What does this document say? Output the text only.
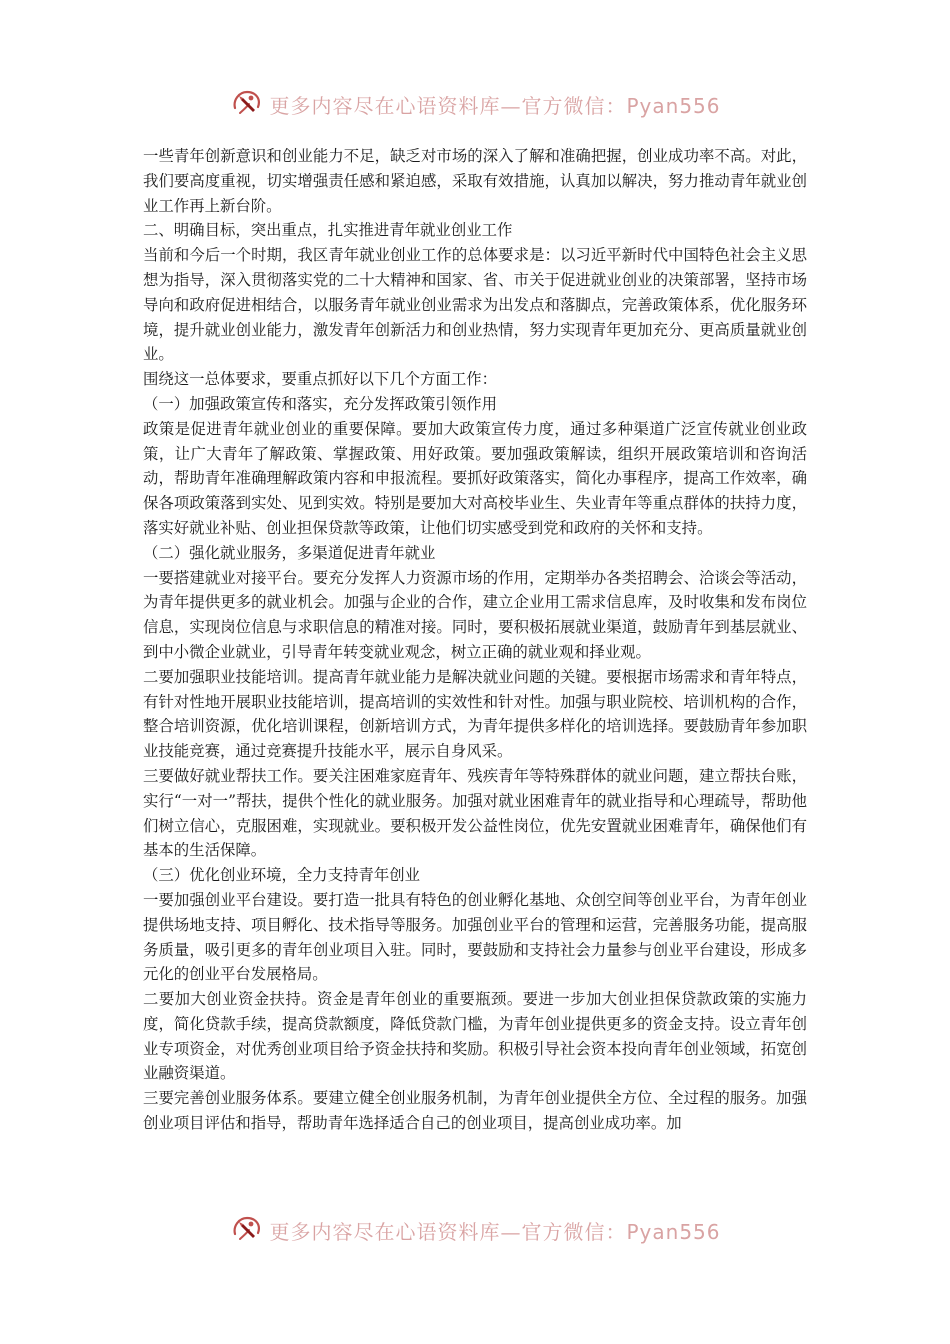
更多内容尽在心语资料库—官方微信：Pyan556

一些青年创新意识和创业能力不足，缺乏对市场的深入了解和准确把握，创业成功率不高。对此，我们要高度重视，切实增强责任感和紧迫感，采取有效措施，认真加以解决，努力推动青年就业创业工作再上新台阶。

二、明确目标，突出重点，扎实推进青年就业创业工作

当前和今后一个时期，我区青年就业创业工作的总体要求是：以习近平新时代中国特色社会主义思想为指导，深入贯彻落实党的二十大精神和国家、省、市关于促进就业创业的决策部署，坚持市场导向和政府促进相结合，以服务青年就业创业需求为出发点和落脚点，完善政策体系，优化服务环境，提升就业创业能力，激发青年创新活力和创业热情，努力实现青年更加充分、更高质量就业创业。

围绕这一总体要求，要重点抓好以下几个方面工作：

（一）加强政策宣传和落实，充分发挥政策引领作用

政策是促进青年就业创业的重要保障。要加大政策宣传力度，通过多种渠道广泛宣传就业创业政策，让广大青年了解政策、掌握政策、用好政策。要加强政策解读，组织开展政策培训和咨询活动，帮助青年准确理解政策内容和申报流程。要抓好政策落实，简化办事程序，提高工作效率，确保各项政策落到实处、见到实效。特别是要加大对高校毕业生、失业青年等重点群体的扶持力度，落实好就业补贴、创业担保贷款等政策，让他们切实感受到党和政府的关怀和支持。

（二）强化就业服务，多渠道促进青年就业

一要搭建就业对接平台。要充分发挥人力资源市场的作用，定期举办各类招聘会、洽谈会等活动，为青年提供更多的就业机会。加强与企业的合作，建立企业用工需求信息库，及时收集和发布岗位信息，实现岗位信息与求职信息的精准对接。同时，要积极拓展就业渠道，鼓励青年到基层就业、到中小微企业就业，引导青年转变就业观念，树立正确的就业观和择业观。

二要加强职业技能培训。提高青年就业能力是解决就业问题的关键。要根据市场需求和青年特点，有针对性地开展职业技能培训，提高培训的实效性和针对性。加强与职业院校、培训机构的合作，整合培训资源，优化培训课程，创新培训方式，为青年提供多样化的培训选择。要鼓励青年参加职业技能竞赛，通过竞赛提升技能水平，展示自身风采。

三要做好就业帮扶工作。要关注困难家庭青年、残疾青年等特殊群体的就业问题，建立帮扶台账，实行“一对一”帮扶，提供个性化的就业服务。加强对就业困难青年的就业指导和心理疏导，帮助他们树立信心，克服困难，实现就业。要积极开发公益性岗位，优先安置就业困难青年，确保他们有基本的生活保障。

（三）优化创业环境，全力支持青年创业

一要加强创业平台建设。要打造一批具有特色的创业孵化基地、众创空间等创业平台，为青年创业提供场地支持、项目孵化、技术指导等服务。加强创业平台的管理和运营，完善服务功能，提高服务质量，吸引更多的青年创业项目入驻。同时，要鼓励和支持社会力量参与创业平台建设，形成多元化的创业平台发展格局。

二要加大创业资金扶持。资金是青年创业的重要瓶颈。要进一步加大创业担保贷款政策的实施力度，简化贷款手续，提高贷款额度，降低贷款门槛，为青年创业提供更多的资金支持。设立青年创业专项资金，对优秀创业项目给予资金扶持和奖励。积极引导社会资本投向青年创业领域，拓宽创业融资渠道。

三要完善创业服务体系。要建立健全创业服务机制，为青年创业提供全方位、全过程的服务。加强创业项目评估和指导，帮助青年选择适合自己的创业项目，提高创业成功率。加

更多内容尽在心语资料库—官方微信：Pyan556
